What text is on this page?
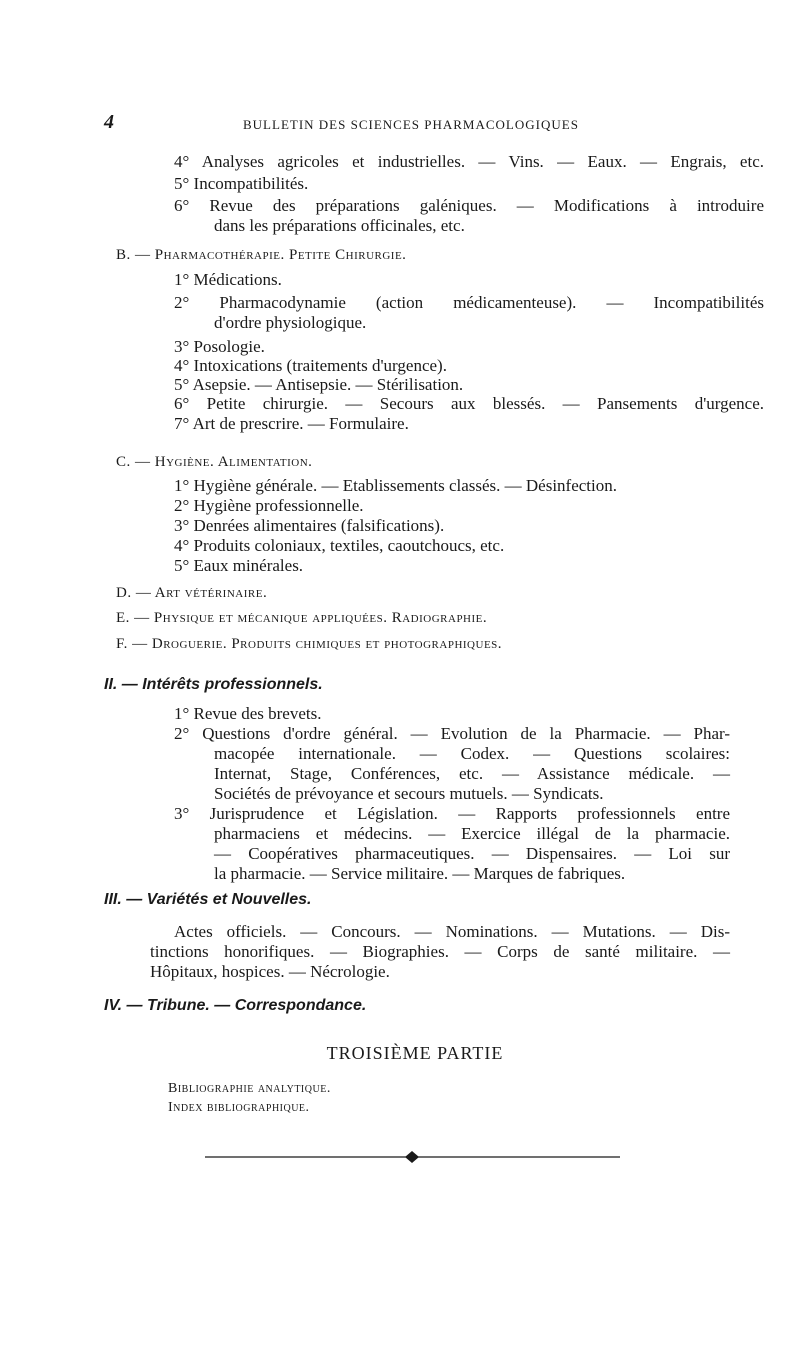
4	BULLETIN DES SCIENCES PHARMACOLOGIQUES
4° Analyses agricoles et industrielles. — Vins. — Eaux. — Engrais, etc.
5° Incompatibilités.
6° Revue des préparations galéniques. — Modifications à introduire
dans les préparations officinales, etc.
B. — Pharmacothérapie. Petite Chirurgie.
1° Médications.
2° Pharmacodynamie (action médicamenteuse). — Incompatibilités
d'ordre physiologique.
3° Posologie.
4° Intoxications (traitements d'urgence).
5° Asepsie. — Antisepsie. — Stérilisation.
6° Petite chirurgie. — Secours aux blessés. — Pansements d'urgence.
7° Art de prescrire. — Formulaire.
C. — Hygiène. Alimentation.
1° Hygiène générale. — Etablissements classés. — Désinfection.
2° Hygiène professionnelle.
3° Denrées alimentaires (falsifications).
4° Produits coloniaux, textiles, caoutchoucs, etc.
5° Eaux minérales.
D. — Art vétérinaire.
E. — Physique et mécanique appliquées. Radiographie.
F. — Droguerie. Produits chimiques et photographiques.
II. — Intérêts professionnels.
1° Revue des brevets.
2° Questions d'ordre général. — Evolution de la Pharmacie. — Phar-
macopée internationale. — Codex. — Questions scolaires:
Internat, Stage, Conférences, etc. — Assistance médicale. —
Sociétés de prévoyance et secours mutuels. — Syndicats.
3° Jurisprudence et Législation. — Rapports professionnels entre
pharmaciens et médecins. — Exercice illégal de la pharmacie.
— Coopératives pharmaceutiques. — Dispensaires. — Loi sur
la pharmacie. — Service militaire. — Marques de fabriques.
III. — Variétés et Nouvelles.
Actes officiels. — Concours. — Nominations. — Mutations. — Dis-
tinctions honorifiques. — Biographies. — Corps de santé militaire. —
Hôpitaux, hospices. — Nécrologie.
IV. — Tribune. — Correspondance.
TROISIÈME PARTIE
Bibliographie analytique.
Index bibliographique.
